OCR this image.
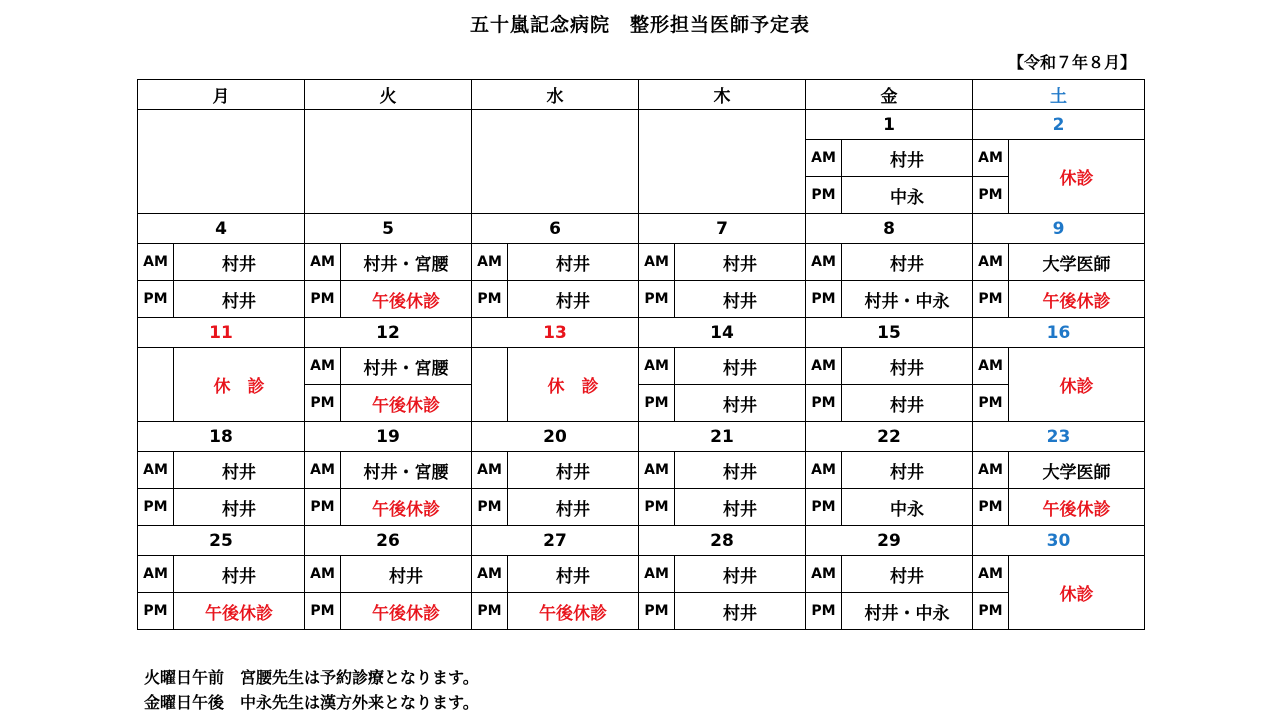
五十嵐記念病院　整形担当医師予定表
【令和７年８月】
月		火		水		木		金		土	
								1		2	
								AM	村井	AM	休診
								PM	中永	PM	
4		5		6		7		8		9	
AM	村井	AM	村井・宮腰	AM	村井	AM	村井	AM	村井	AM	大学医師
PM	村井	PM	午後休診	PM	村井	PM	村井	PM	村井・中永	PM	午後休診
11		12		13		14		15		16	
	休　診	AM	村井・宮腰		休　診	AM	村井	AM	村井	AM	休診
		PM	午後休診			PM	村井	PM	村井	PM	
18		19		20		21		22		23	
AM	村井	AM	村井・宮腰	AM	村井	AM	村井	AM	村井	AM	大学医師
PM	村井	PM	午後休診	PM	村井	PM	村井	PM	中永	PM	午後休診
25		26		27		28		29		30	
AM	村井	AM	村井	AM	村井	AM	村井	AM	村井	AM	休診
PM	午後休診	PM	午後休診	PM	午後休診	PM	村井	PM	村井・中永	PM	
火曜日午前　宮腰先生は予約診療となります。
金曜日午後　中永先生は漢方外来となります。
